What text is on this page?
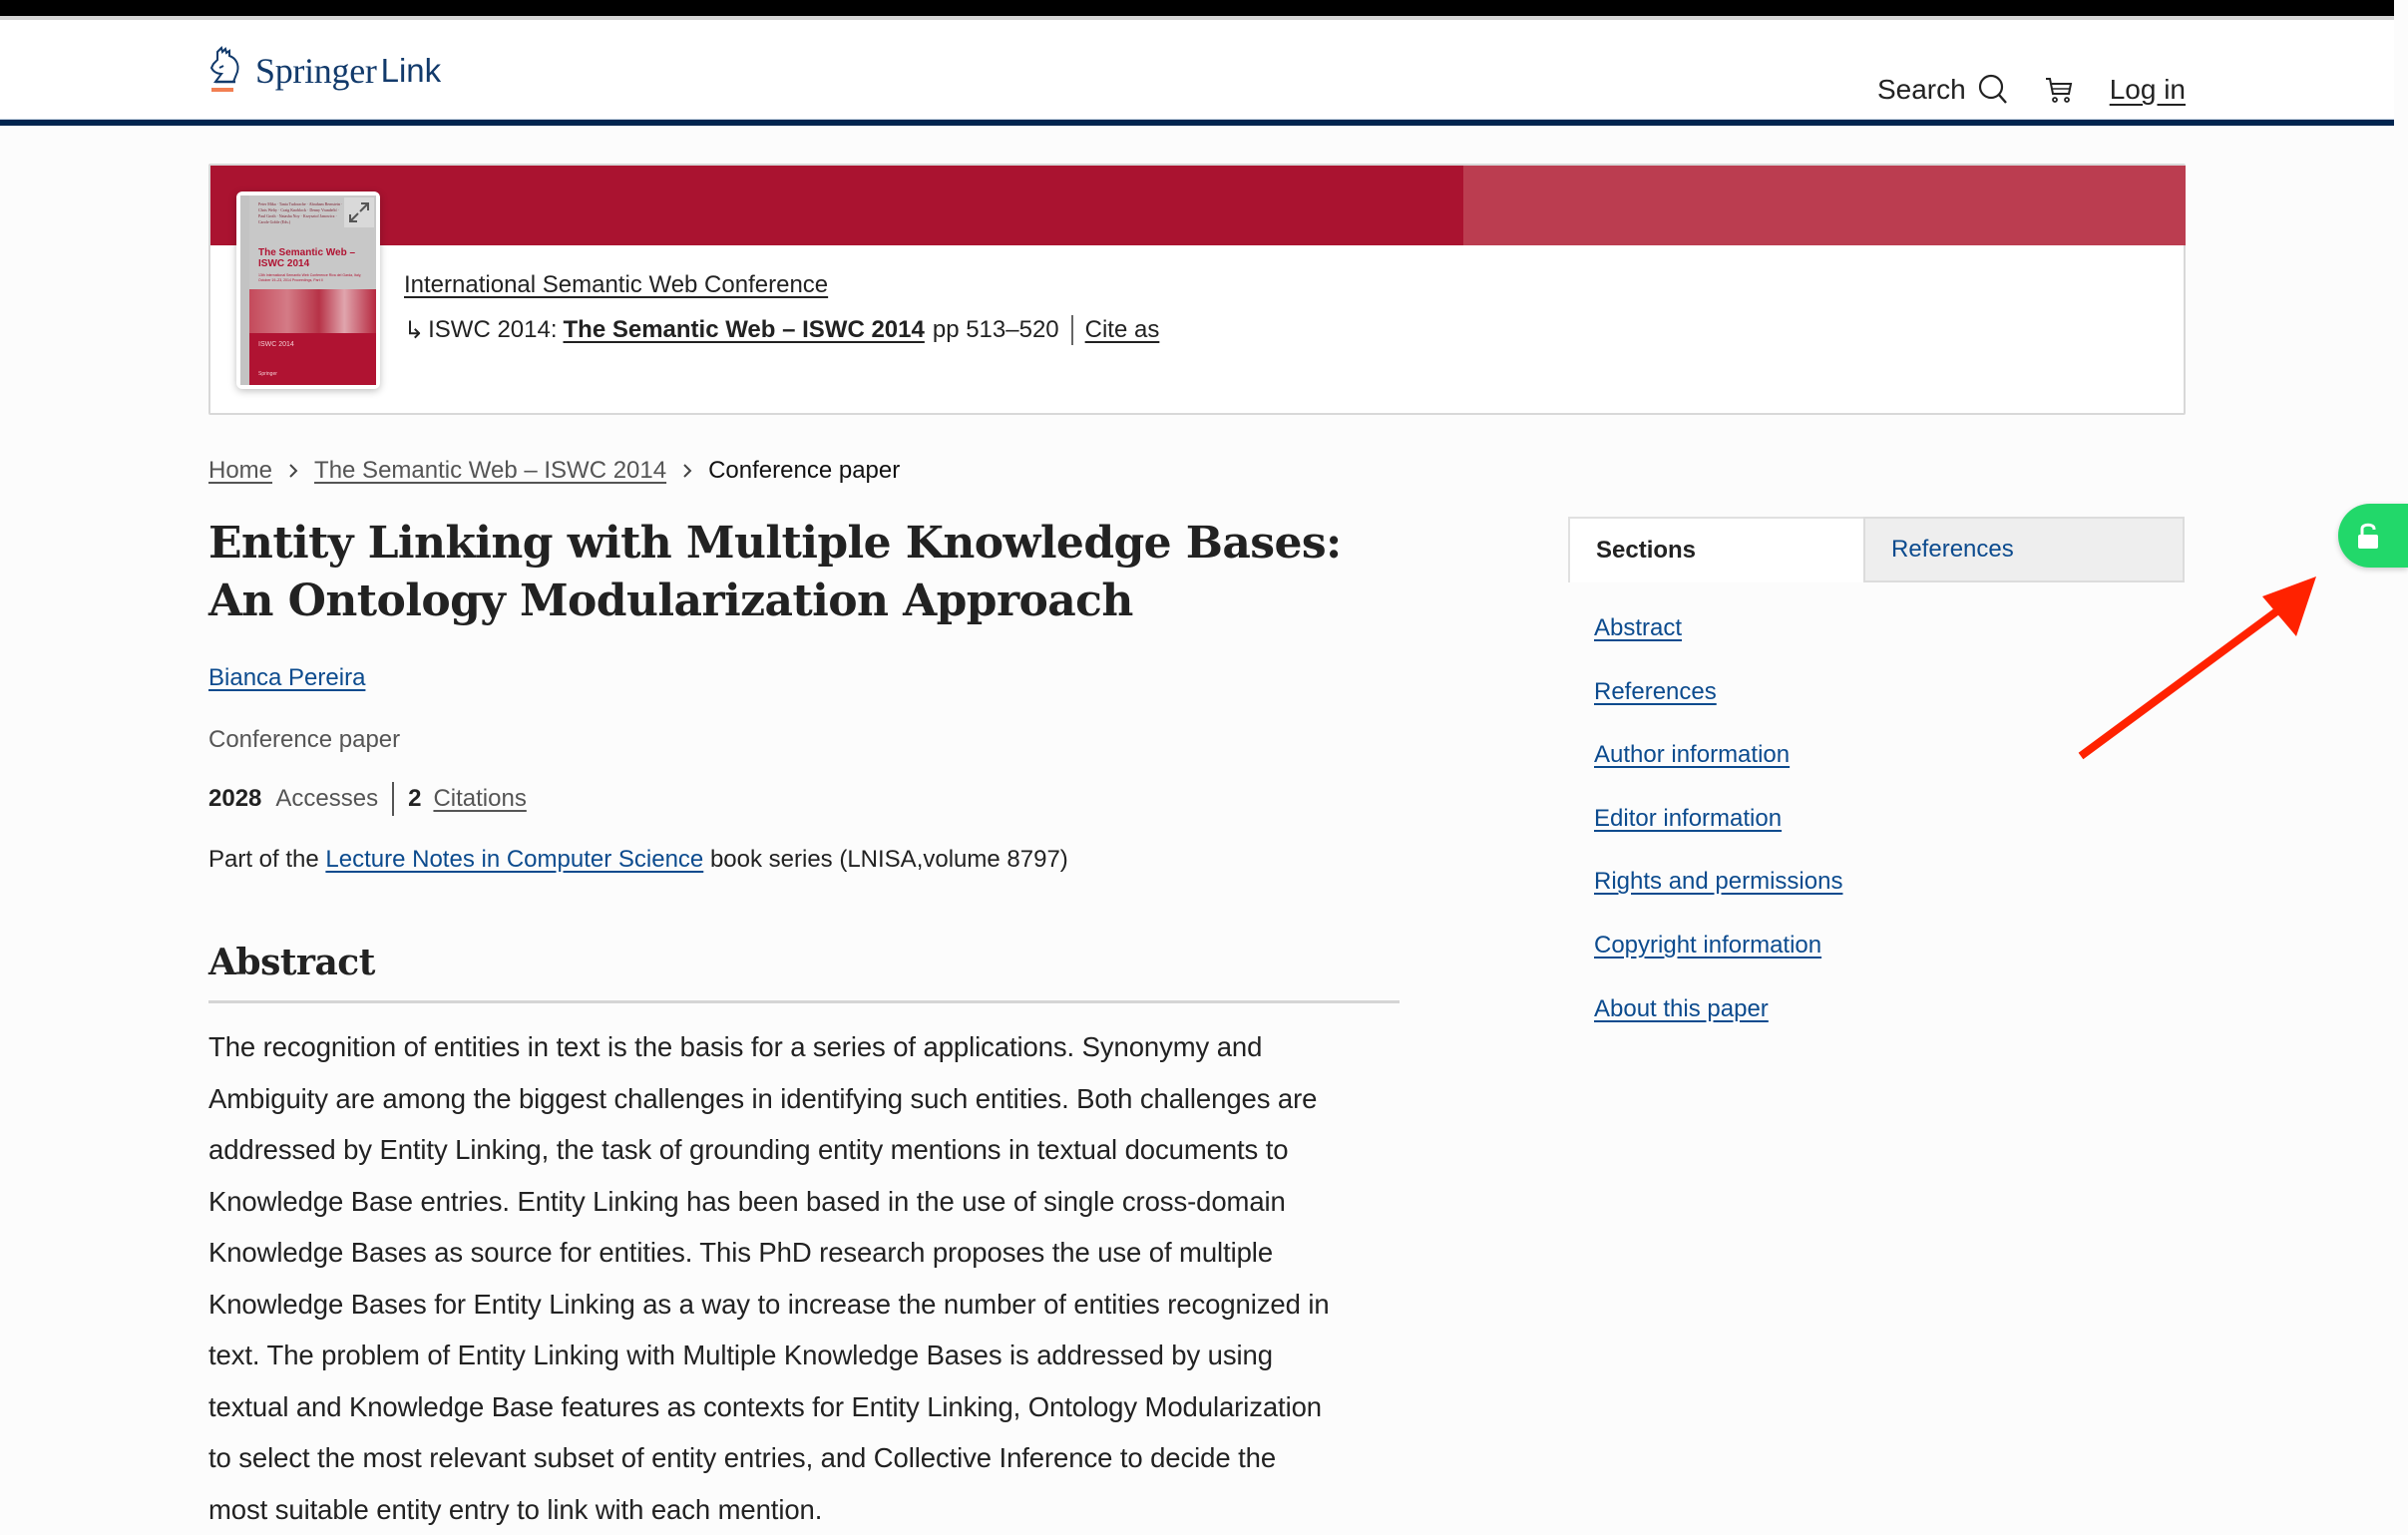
Springer Link
Search	Log in
Peter Mika · Tania Tudorache · Abraham Bernstein · Chris Welty · Craig Knoblock · Denny Vrandečić · Paul Groth · Natasha Noy · Krzysztof Janowicz · Carole Goble (Eds.)
The Semantic Web –
ISWC 2014
13th International Semantic Web Conference Riva del Garda, Italy, October 19–23, 2014 Proceedings, Part II
ISWC 2014
Springer
International Semantic Web Conference
↳ ISWC 2014: The Semantic Web – ISWC 2014 pp 513–520 Cite as
Home The Semantic Web – ISWC 2014 Conference paper
Entity Linking with Multiple Knowledge Bases: An Ontology Modularization Approach
Bianca Pereira
Conference paper
2028 Accesses 2 Citations
Part of the Lecture Notes in Computer Science book series (LNISA,volume 8797)
Abstract
The recognition of entities in text is the basis for a series of applications. Synonymy and
Ambiguity are among the biggest challenges in identifying such entities. Both challenges are
addressed by Entity Linking, the task of grounding entity mentions in textual documents to
Knowledge Base entries. Entity Linking has been based in the use of single cross-domain
Knowledge Bases as source for entities. This PhD research proposes the use of multiple
Knowledge Bases for Entity Linking as a way to increase the number of entities recognized in
text. The problem of Entity Linking with Multiple Knowledge Bases is addressed by using
textual and Knowledge Base features as contexts for Entity Linking, Ontology Modularization
to select the most relevant subset of entity entries, and Collective Inference to decide the
most suitable entity entry to link with each mention.
Sections	References
Abstract
References
Author information
Editor information
Rights and permissions
Copyright information
About this paper
